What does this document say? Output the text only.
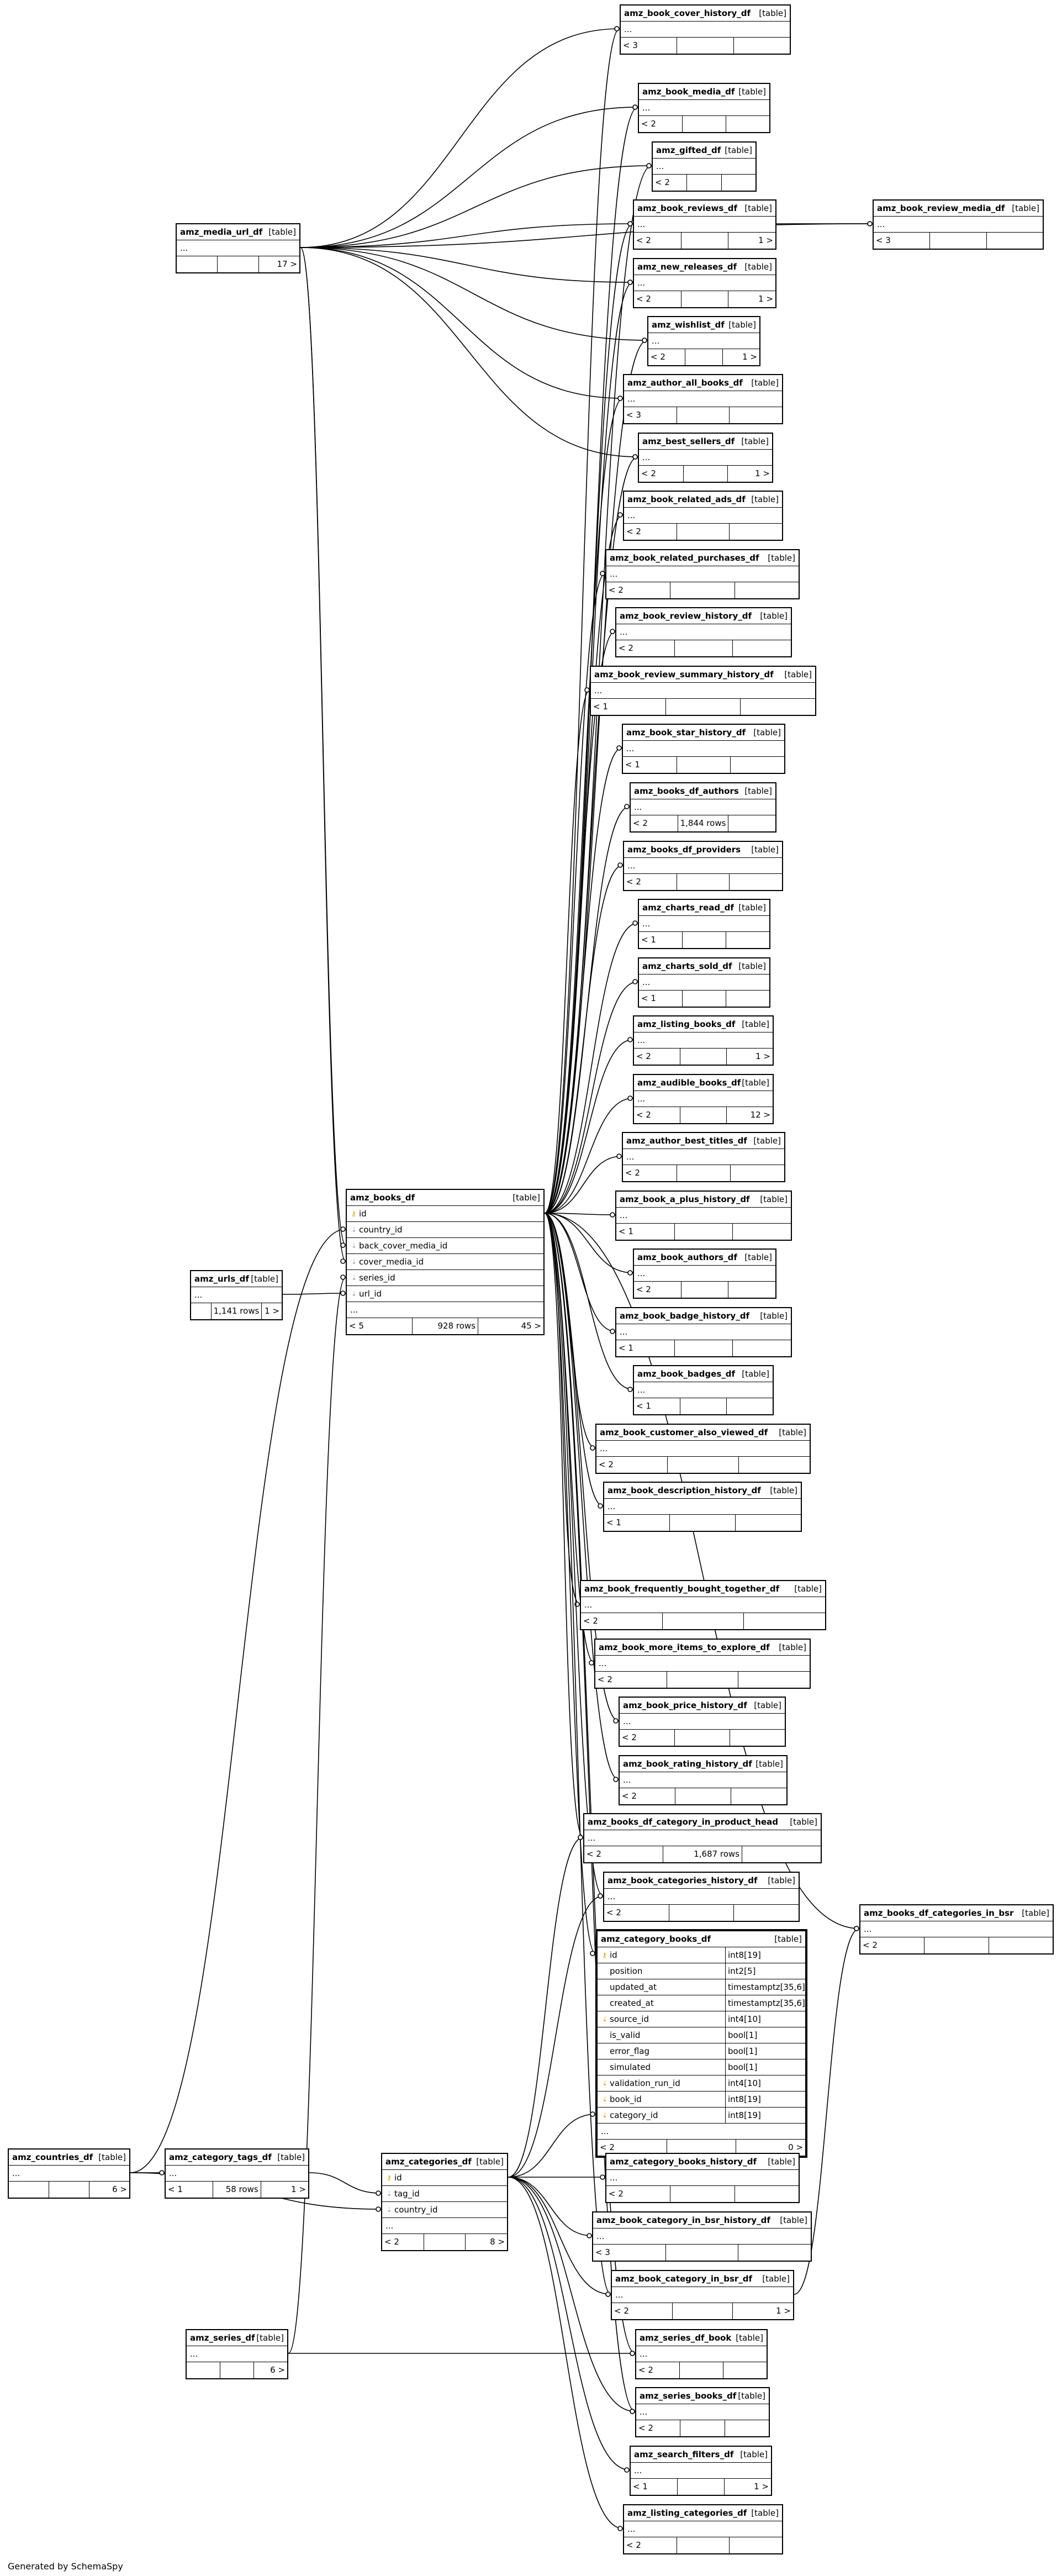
amz_book_cover_history_df [table]
...
< 3
amz_book_media_df [table]
...
< 2
amz_gifted_df [table]
...
< 2
amz_book_reviews_df [table]
...
< 2	1 >
amz_book_review_media_df [table]
...
< 3
amz_media_url_df [table]
...
17 >	amz_new_releases_df [table]
...
< 2	1 >
amz_wishlist_df [table]
...
< 2	1 >
amz_author_all_books_df [table]
...
< 3
amz_best_sellers_df [table]
...
< 2	1 >
amz_book_related_ads_df [table]
...
< 2
amz_book_related_purchases_df [table]
...
< 2
amz_book_review_history_df [table]
...
< 2
amz_book_review_summary_history_df [table]
...
< 1
amz_book_star_history_df [table]
...
< 1
amz_books_df_authors [table]
...
< 2	1,844 rows
amz_books_df_providers [table]
...
< 2
amz_charts_read_df [table]
...
< 1
amz_charts_sold_df [table]
...
< 1
amz_listing_books_df [table]
...
< 2	1 >
amz_audible_books_df [table]
...
< 2	12 >
amz_author_best_titles_df [table]
...
< 2
amz_book_a_plus_history_df [table]
...
< 1
amz_book_authors_df [table]
...
< 2
amz_book_badge_history_df [table]
...
< 1
amz_book_badges_df [table]
...
< 1
amz_book_customer_also_viewed_df [table]
...
< 2
amz_book_description_history_df [table]
...
< 1
amz_books_df	[table]
⚷ id
⇣ country_id
⇣ back_cover_media_id
⇣ cover_media_id
⇣ series_id
⇣ url_id
...
< 5	928 rows	45 >
amz_urls_df [table]
...
1,141 rows 1 >
amz_book_frequently_bought_together_df [table]
...
< 2
amz_book_more_items_to_explore_df [table]
...
< 2
amz_book_price_history_df [table]
...
< 2
amz_book_rating_history_df [table]
...
< 2
amz_books_df_category_in_product_head [table]
...
< 2	1,687 rows
amz_book_categories_history_df [table]
...
< 2	amz_books_df_categories_in_bsr [table]
...
< 2
amz_category_books_df	[table]
⚷ id	int8[19]
position	int2[5]
updated_at	timestamptz[35,6]
created_at	timestamptz[35,6]
⇣ source_id	int4[10]
is_valid	bool[1]
error_flag	bool[1]
simulated	bool[1]
⇣ validation_run_id	int4[10]
⇣ book_id	int8[19]
⇣ category_id	int8[19]
...
< 2	0 >
amz_countries_df [table]
...
6 >
amz_category_tags_df [table]
...
< 1	58 rows	1 >
amz_categories_df [table]
⚷ id
⇣ tag_id
⇣ country_id
...
< 2	8 >
amz_category_books_history_df [table]
...
< 2
amz_book_category_in_bsr_history_df [table]
...
< 3
amz_book_category_in_bsr_df [table]
...
< 2	1 >
amz_series_df [table]
...
6 >
amz_series_df_book [table]
...
< 2
amz_series_books_df [table]
...
< 2
amz_search_filters_df [table]
...
< 1	1 >
amz_listing_categories_df [table]
...
< 2
Generated by SchemaSpy
